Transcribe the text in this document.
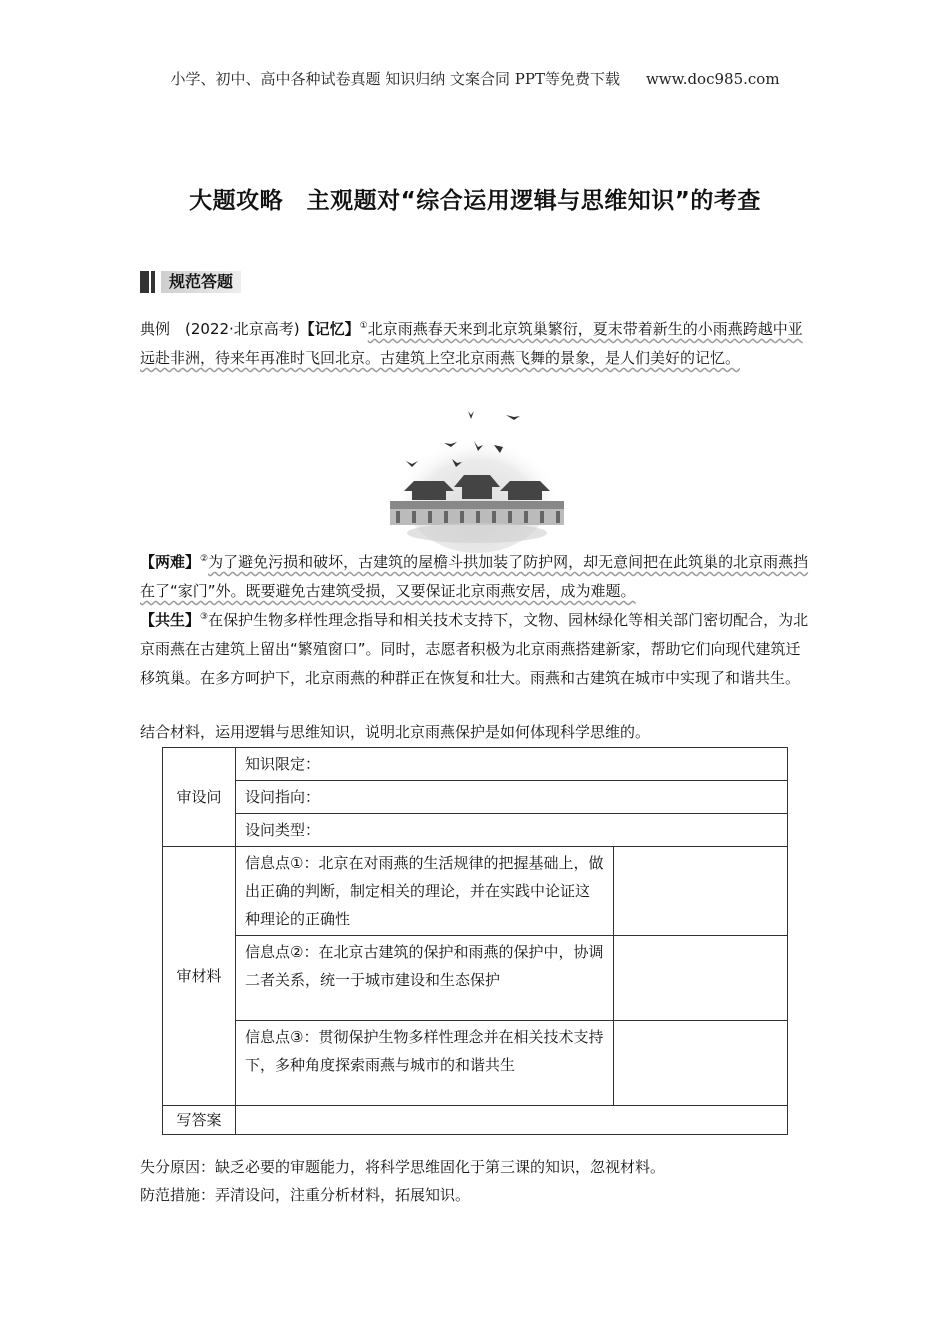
小学、初中、高中各种试卷真题 知识归纳 文案合同 PPT等免费下载 www.doc985.com
大题攻略　主观题对“综合运用逻辑与思维知识”的考查
规范答题
典例　(2022·北京高考)【记忆】①北京雨燕春天来到北京筑巢繁衍，夏末带着新生的小雨燕跨越中亚远赴非洲，待来年再准时飞回北京。古建筑上空北京雨燕飞舞的景象，是人们美好的记忆。
【两难】②为了避免污损和破坏，古建筑的屋檐斗拱加装了防护网，却无意间把在此筑巢的北京雨燕挡在了“家门”外。既要避免古建筑受损，又要保证北京雨燕安居，成为难题。
【共生】③在保护生物多样性理念指导和相关技术支持下，文物、园林绿化等相关部门密切配合，为北京雨燕在古建筑上留出“繁殖窗口”。同时，志愿者积极为北京雨燕搭建新家，帮助它们向现代建筑迁移筑巢。在多方呵护下，北京雨燕的种群正在恢复和壮大。雨燕和古建筑在城市中实现了和谐共生。
结合材料，运用逻辑与思维知识，说明北京雨燕保护是如何体现科学思维的。
审设问	知识限定：	
	设问指向：	
	设问类型：	
审材料	信息点①：北京在对雨燕的生活规律的把握基础上，做出正确的判断，制定相关的理论，并在实践中论证这种理论的正确性	
	信息点②：在北京古建筑的保护和雨燕的保护中，协调二者关系，统一于城市建设和生态保护	
	信息点③：贯彻保护生物多样性理念并在相关技术支持下，多种角度探索雨燕与城市的和谐共生	
写答案		
失分原因：缺乏必要的审题能力，将科学思维固化于第三课的知识，忽视材料。
防范措施：弄清设问，注重分析材料，拓展知识。
